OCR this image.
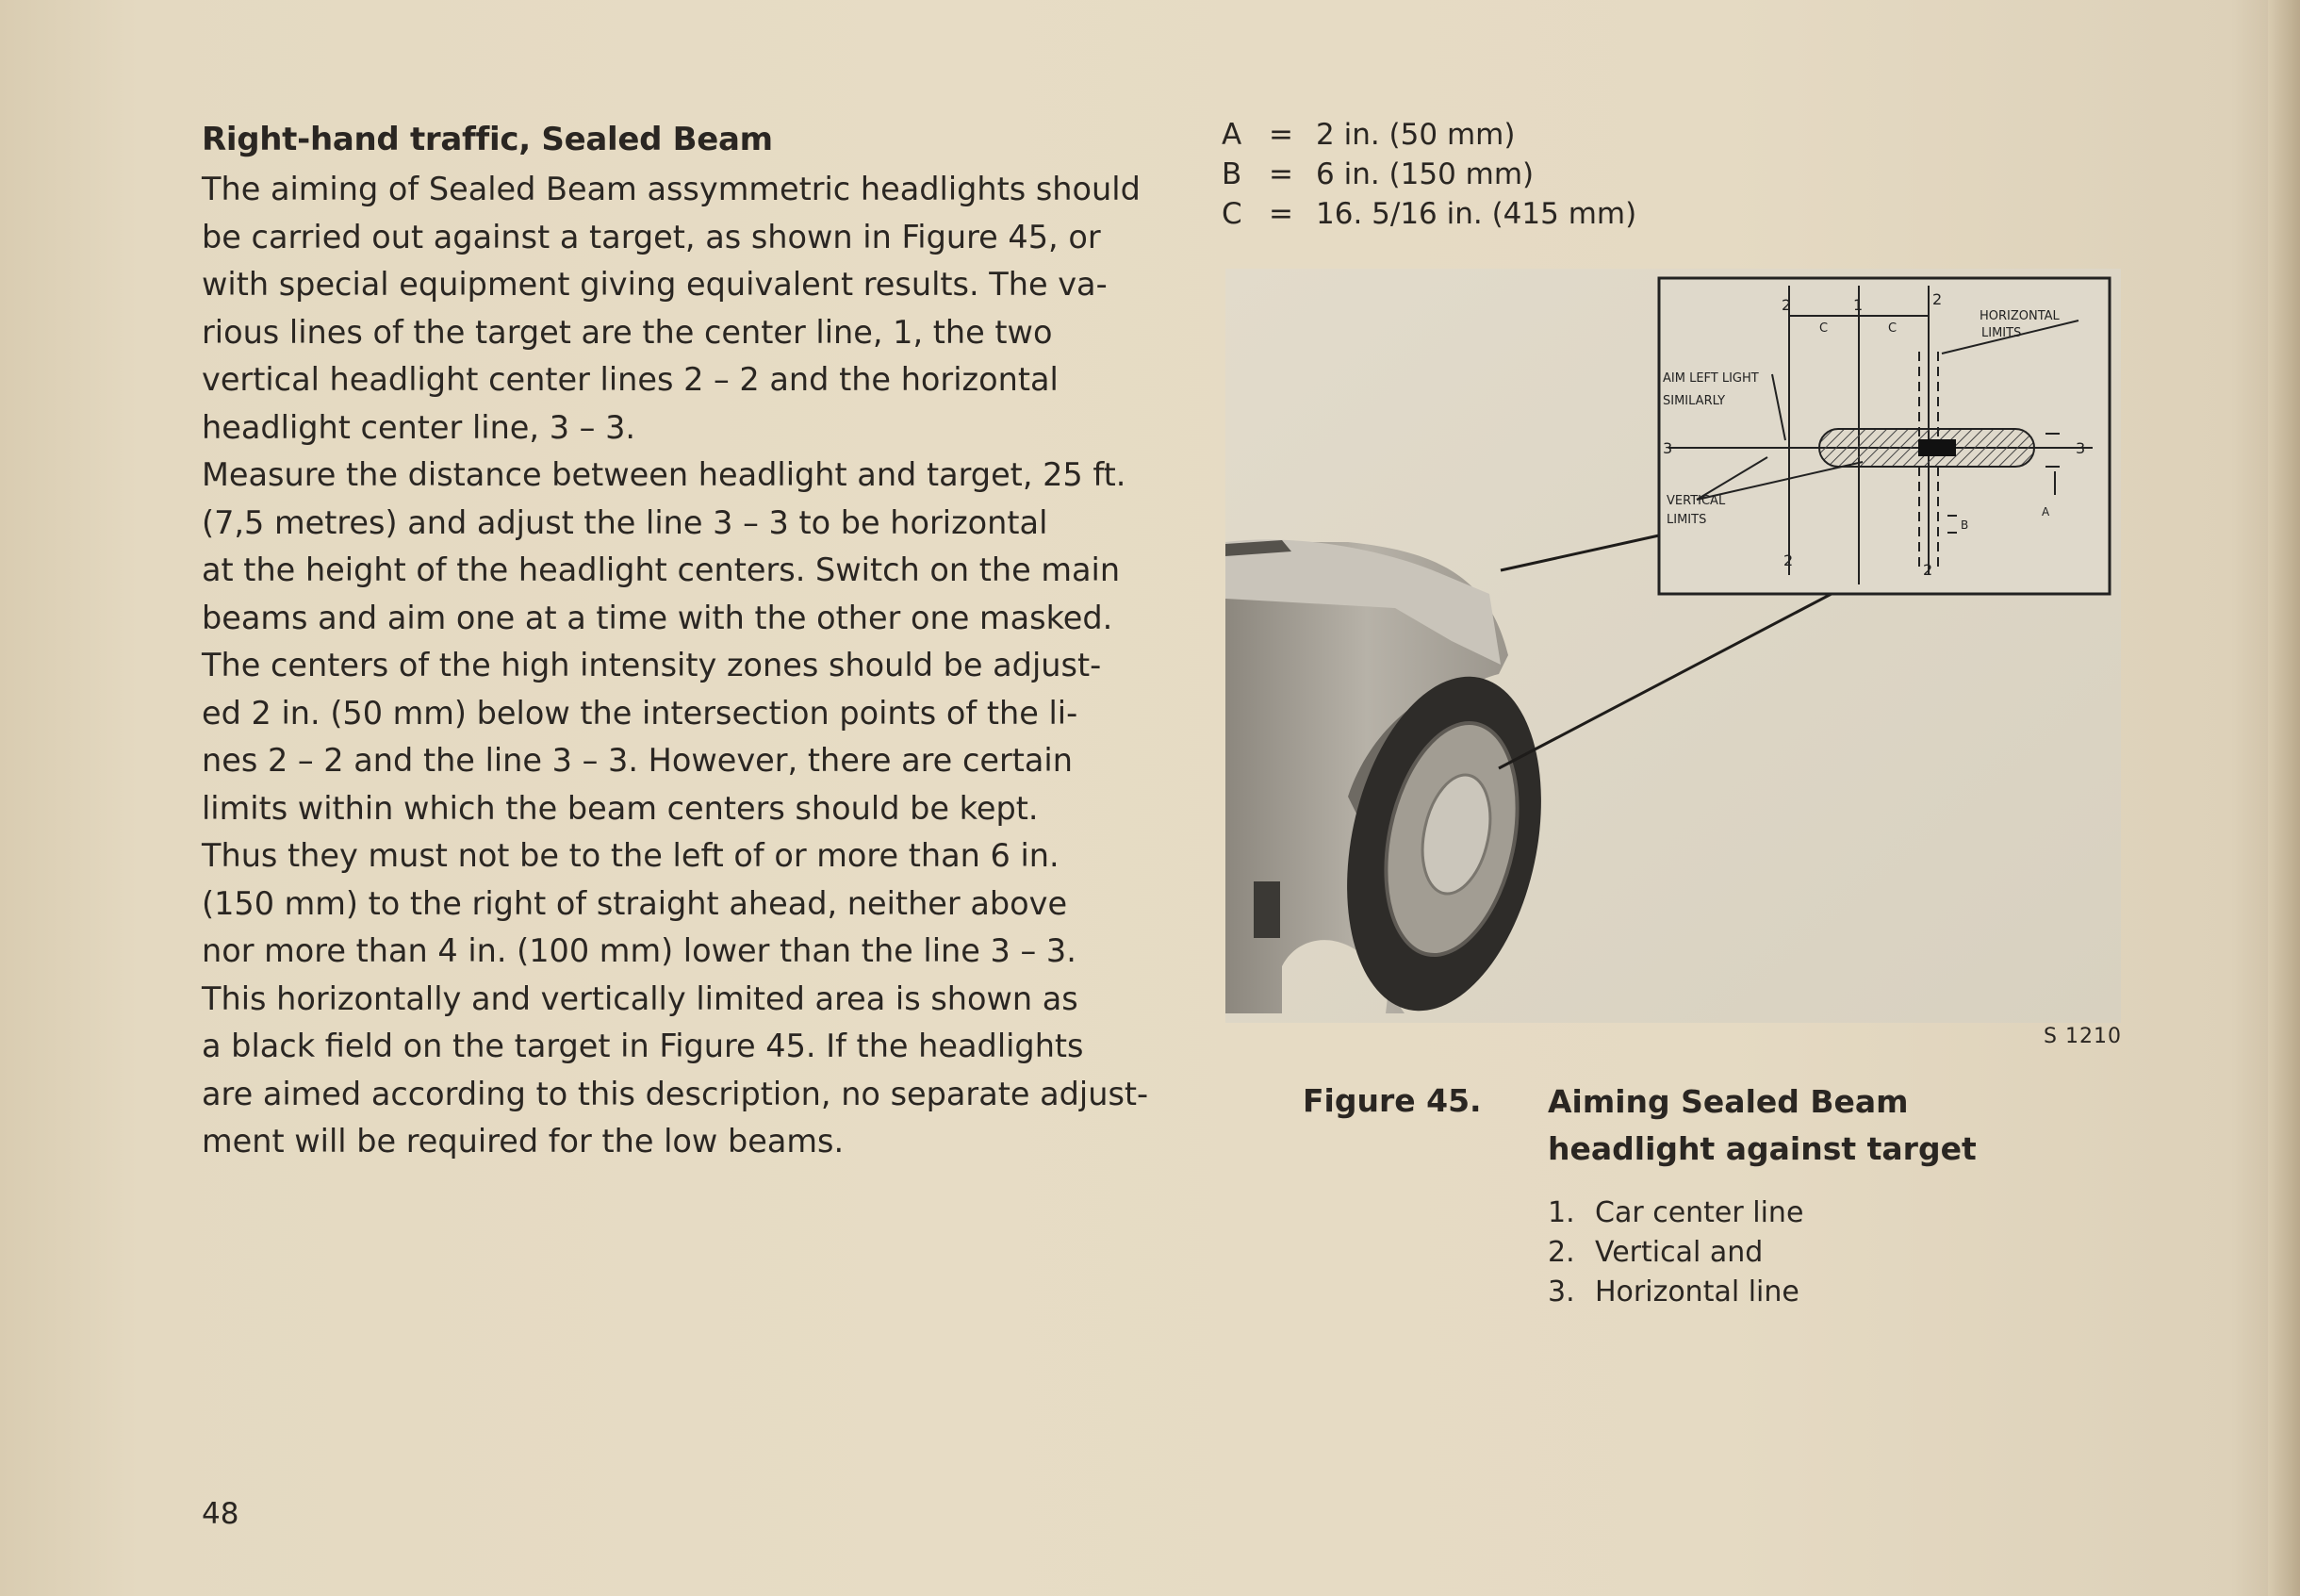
Right-hand traffic, Sealed Beam

The aiming of Sealed Beam assymmetric headlights should
be carried out against a target, as shown in Figure 45, or
with special equipment giving equivalent results. The va-
rious lines of the target are the center line, 1, the two
vertical headlight center lines 2 – 2 and the horizontal
headlight center line, 3 – 3.
Measure the distance between headlight and target, 25 ft.
(7,5 metres) and adjust the line 3 – 3 to be horizontal
at the height of the headlight centers. Switch on the main
beams and aim one at a time with the other one masked.
The centers of the high intensity zones should be adjust-
ed 2 in. (50 mm) below the intersection points of the li-
nes 2 – 2 and the line 3 – 3. However, there are certain
limits within which the beam centers should be kept.
Thus they must not be to the left of or more than 6 in.
(150 mm) to the right of straight ahead, neither above
nor more than 4 in. (100 mm) lower than the line 3 – 3.
This horizontally and vertically limited area is shown as
a black field on the target in Figure 45. If the headlights
are aimed according to this description, no separate adjust-
ment will be required for the low beams.

A = 2 in. (50 mm)
B = 6 in. (150 mm)
C = 16. 5/16 in. (415 mm)
2	1	2
C	C
HORIZONTAL
LIMITS
AIM LEFT LIGHT
SIMILARLY
3	3
VERTICAL
LIMITS
A
B
2
2
S 1210
Figure 45. Aiming Sealed Beam headlight against target
1. Car center line
2. Vertical and
3. Horizontal line
48
